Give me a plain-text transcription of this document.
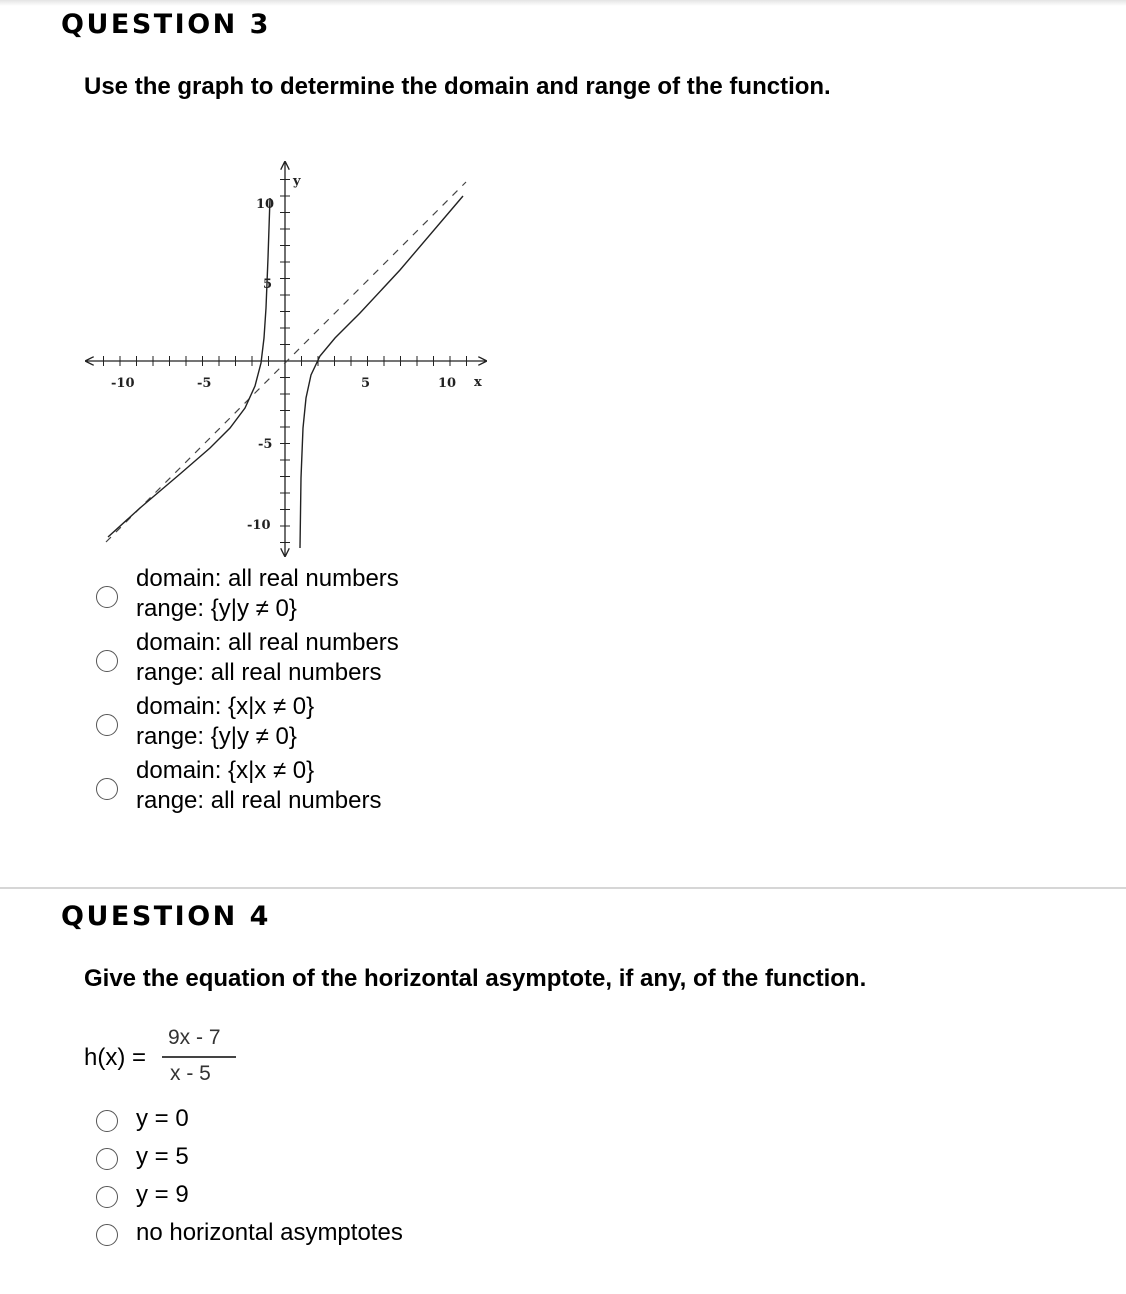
QUESTION 3
Use the graph to determine the domain and range of the function.
-10	-5	5	10 x
10
5
-5
-10
y
domain: all real numbers
range: {y|y ≠ 0}
domain: all real numbers
range: all real numbers
domain: {x|x ≠ 0}
range: {y|y ≠ 0}
domain: {x|x ≠ 0}
range: all real numbers
QUESTION 4
Give the equation of the horizontal asymptote, if any, of the function.
h(x) =
9x - 7
x - 5
y = 0
y = 5
y = 9
no horizontal asymptotes
